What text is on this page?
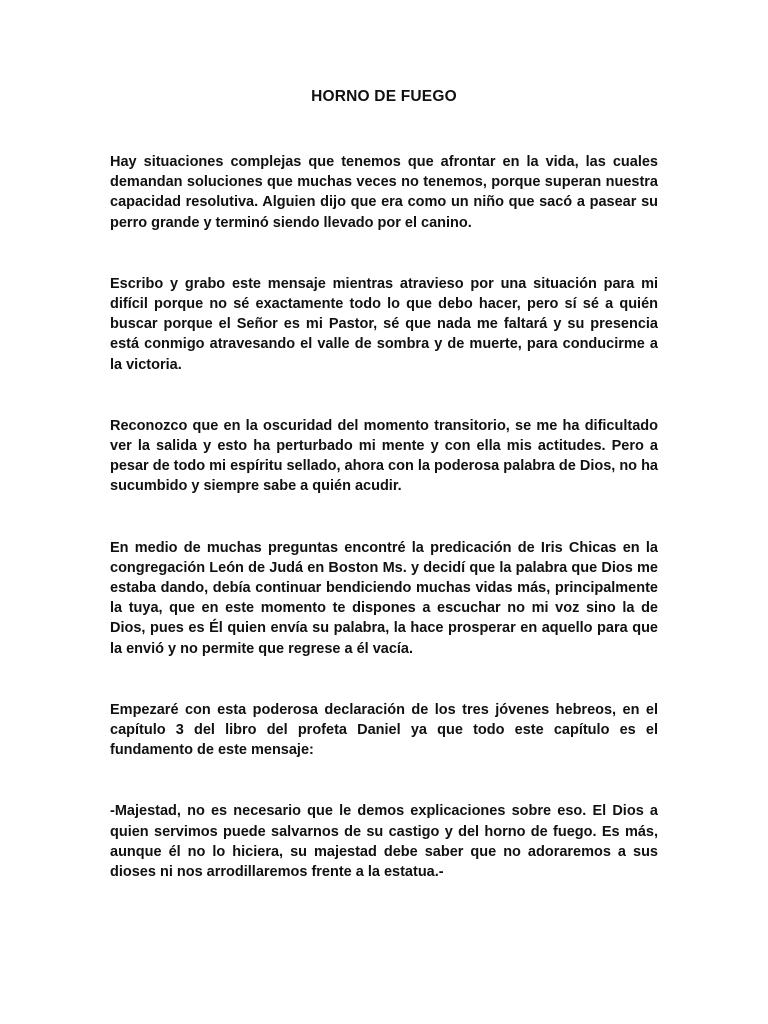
HORNO DE FUEGO

Hay situaciones complejas que tenemos que afrontar en la vida, las cuales demandan soluciones que muchas veces no tenemos, porque superan nuestra capacidad resolutiva. Alguien dijo que era como un niño que sacó a pasear su perro grande y terminó siendo llevado por el canino.

Escribo y grabo este mensaje mientras atravieso por una situación para mi difícil porque no sé exactamente todo lo que debo hacer, pero sí sé a quién buscar porque el Señor es mi Pastor, sé que nada me faltará y su presencia está conmigo atravesando el valle de sombra y de muerte, para conducirme a la victoria.

Reconozco que en la oscuridad del momento transitorio, se me ha dificultado ver la salida y esto ha perturbado mi mente y con ella mis actitudes. Pero a pesar de todo mi espíritu sellado, ahora con la poderosa palabra de Dios, no ha sucumbido y siempre sabe a quién acudir.

En medio de muchas preguntas encontré la predicación de Iris Chicas en la congregación León de Judá en Boston Ms. y decidí que la palabra que Dios me estaba dando, debía continuar bendiciendo muchas vidas más, principalmente la tuya, que en este momento te dispones a escuchar no mi voz sino la de Dios, pues es Él quien envía su palabra, la hace prosperar en aquello para que la envió y no permite que regrese a él vacía.

Empezaré con esta poderosa declaración de los tres jóvenes hebreos, en el capítulo 3 del libro del profeta Daniel ya que todo este capítulo es el fundamento de este mensaje:

-Majestad, no es necesario que le demos explicaciones sobre eso. El Dios a quien servimos puede salvarnos de su castigo y del horno de fuego. Es más, aunque él no lo hiciera, su majestad debe saber que no adoraremos a sus dioses ni nos arrodillaremos frente a la estatua.-
